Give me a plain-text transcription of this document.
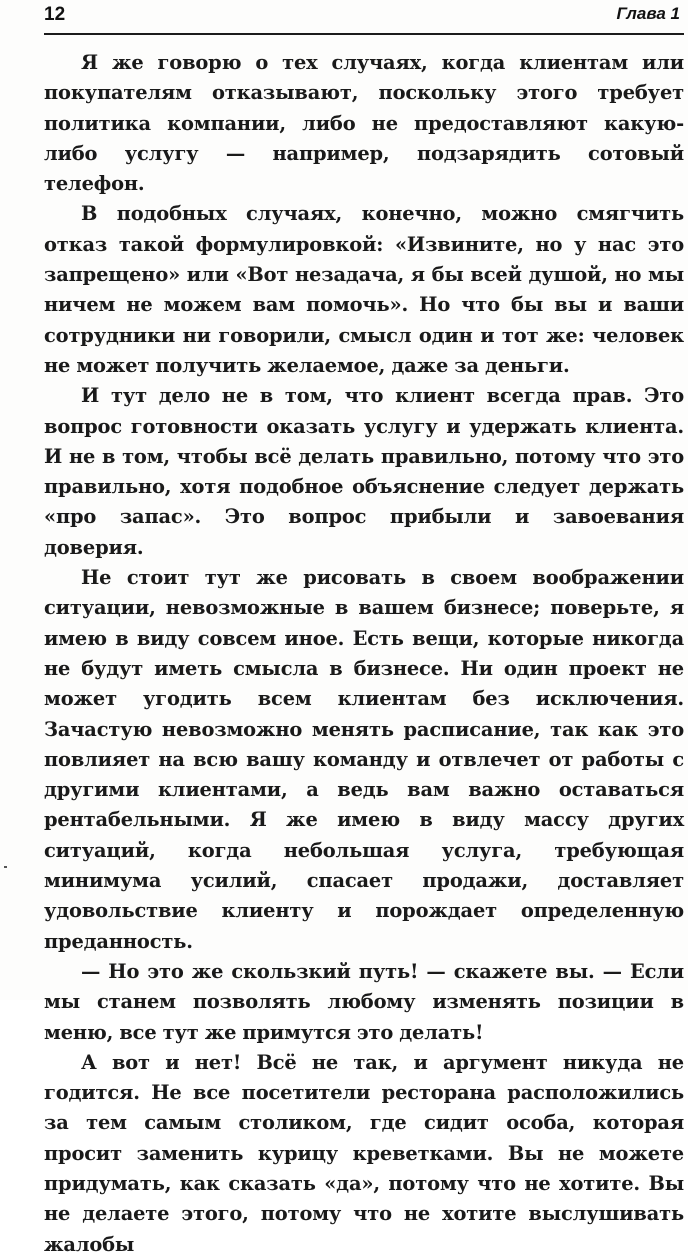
12	Глава 1

Я же говорю о тех случаях, когда клиентам или покупателям отказывают, поскольку этого требует политика компании, либо не предоставляют какую-либо услугу — например, подзарядить сотовый телефон.

В подобных случаях, конечно, можно смягчить отказ такой формулировкой: «Извините, но у нас это запрещено» или «Вот незадача, я бы всей душой, но мы ничем не можем вам помочь». Но что бы вы и ваши сотрудники ни говорили, смысл один и тот же: человек не может получить желаемое, даже за деньги.

И тут дело не в том, что клиент всегда прав. Это вопрос готовности оказать услугу и удержать клиента. И не в том, чтобы всё делать правильно, потому что это правильно, хотя подобное объяснение следует держать «про запас». Это вопрос прибыли и завоевания доверия.

Не стоит тут же рисовать в своем воображении ситуации, невозможные в вашем бизнесе; поверьте, я имею в виду совсем иное. Есть вещи, которые никогда не будут иметь смысла в бизнесе. Ни один проект не может угодить всем клиентам без исключения. Зачастую невозможно менять расписание, так как это повлияет на всю вашу команду и отвлечет от работы с другими клиентами, а ведь вам важно оставаться рентабельными. Я же имею в виду массу других ситуаций, когда небольшая услуга, требующая минимума усилий, спасает продажи, доставляет удовольствие клиенту и порождает определенную преданность.

— Но это же скользкий путь! — скажете вы. — Если мы станем позволять любому изменять позиции в меню, все тут же примутся это делать!

А вот и нет! Всё не так, и аргумент никуда не годится. Не все посетители ресторана расположились за тем самым столиком, где сидит особа, которая просит заменить курицу креветками. Вы не можете придумать, как сказать «да», потому что не хотите. Вы не делаете этого, потому что не хотите выслушивать жалобы
